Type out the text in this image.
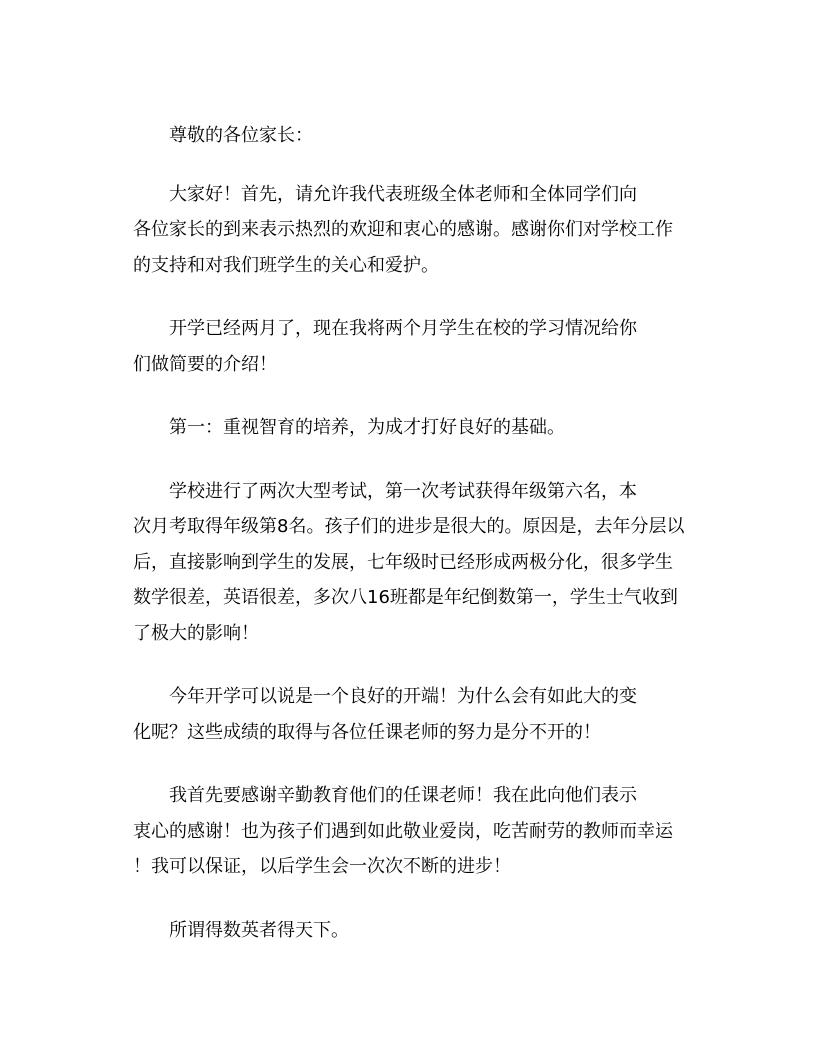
尊敬的各位家长：

大家好！首先，请允许我代表班级全体老师和全体同学们向
各位家长的到来表示热烈的欢迎和衷心的感谢。感谢你们对学校工作
的支持和对我们班学生的关心和爱护。

开学已经两月了，现在我将两个月学生在校的学习情况给你
们做简要的介绍！

第一：重视智育的培养，为成才打好良好的基础。

学校进行了两次大型考试，第一次考试获得年级第六名，本
次月考取得年级第8名。孩子们的进步是很大的。原因是，去年分层以
后，直接影响到学生的发展，七年级时已经形成两极分化，很多学生
数学很差，英语很差，多次八16班都是年纪倒数第一，学生士气收到
了极大的影响！

今年开学可以说是一个良好的开端！为什么会有如此大的变
化呢？这些成绩的取得与各位任课老师的努力是分不开的！

我首先要感谢辛勤教育他们的任课老师！我在此向他们表示
衷心的感谢！也为孩子们遇到如此敬业爱岗，吃苦耐劳的教师而幸运
！我可以保证，以后学生会一次次不断的进步！

所谓得数英者得天下。
